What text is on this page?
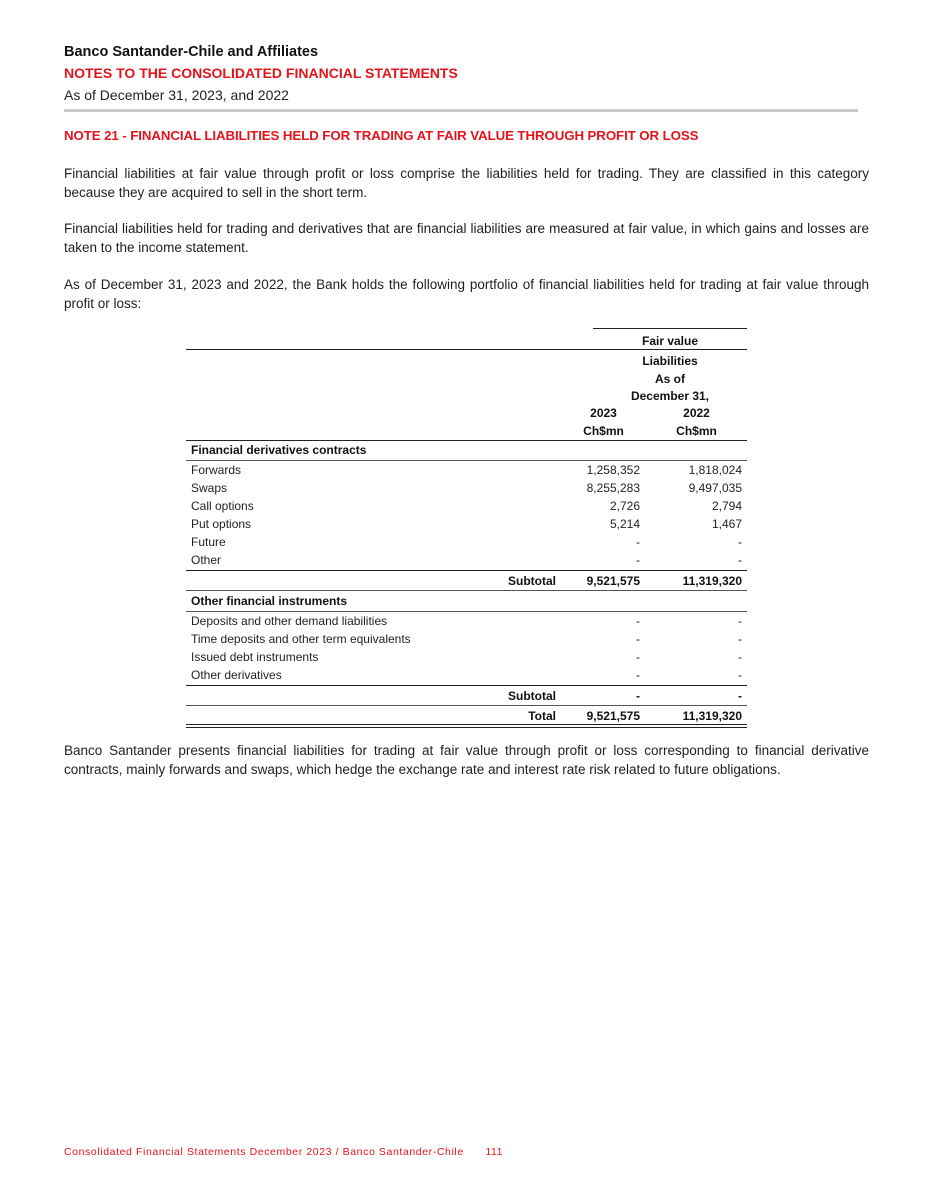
Banco Santander-Chile and Affiliates
NOTES TO THE CONSOLIDATED FINANCIAL STATEMENTS
As of December 31, 2023, and 2022
NOTE 21 - FINANCIAL LIABILITIES HELD FOR TRADING AT FAIR VALUE THROUGH PROFIT OR LOSS
Financial liabilities at fair value through profit or loss comprise the liabilities held for trading. They are classified in this category because they are acquired to sell in the short term.
Financial liabilities held for trading and derivatives that are financial liabilities are measured at fair value, in which gains and losses are taken to the income statement.
As of December 31, 2023 and 2022, the Bank holds the following portfolio of financial liabilities held for trading at fair value through profit or loss:
Fair value
Liabilities
As of
December 31,
2023	2022
Ch$mn	Ch$mn
Financial derivatives contracts
Forwards	1,258,352	1,818,024
Swaps	8,255,283	9,497,035
Call options	2,726	2,794
Put options	5,214	1,467
Future	-	-
Other	-	-
Subtotal	9,521,575	11,319,320
Other financial instruments
Deposits and other demand liabilities	-	-
Time deposits and other term equivalents	-	-
Issued debt instruments	-	-
Other derivatives	-	-
Subtotal	-	-
Total	9,521,575	11,319,320
Banco Santander presents financial liabilities for trading at fair value through profit or loss corresponding to financial derivative contracts, mainly forwards and swaps, which hedge the exchange rate and interest rate risk related to future obligations.
Consolidated Financial Statements December 2023 / Banco Santander-Chile 111
